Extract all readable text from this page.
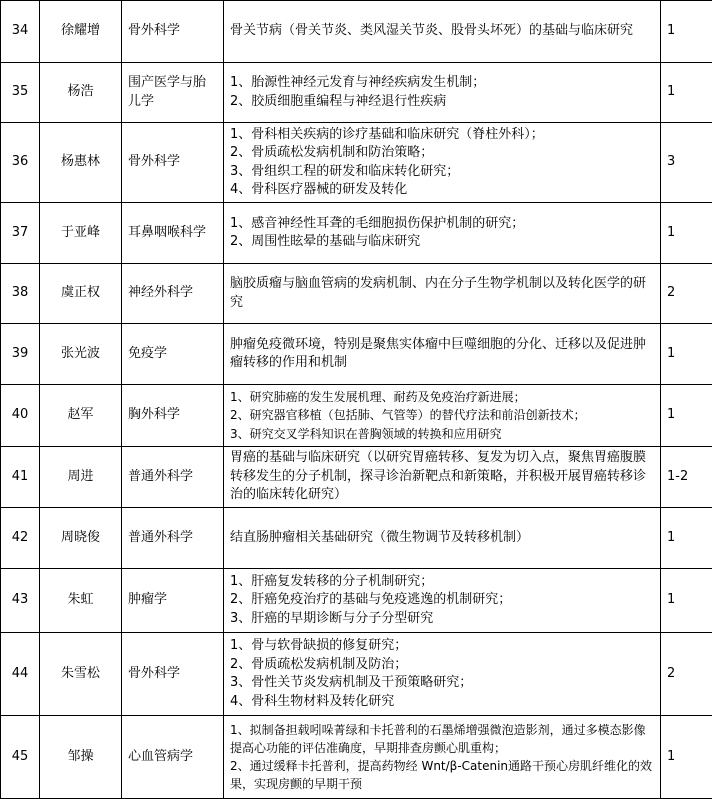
34	徐耀增	骨外科学	骨关节病（骨关节炎、类风湿关节炎、股骨头坏死）的基础与临床研究	1
35	杨浩	围产医学与胎儿学	1、胎源性神经元发育与神经疾病发生机制；
2、胶质细胞重编程与神经退行性疾病	1
36	杨惠林	骨外科学	1、骨科相关疾病的诊疗基础和临床研究（脊柱外科）；
2、骨质疏松发病机制和防治策略；
3、骨组织工程的研发和临床转化研究；
4、骨科医疗器械的研发及转化	3
37	于亚峰	耳鼻咽喉科学	1、感音神经性耳聋的毛细胞损伤保护机制的研究；
2、周围性眩晕的基础与临床研究	1
38	虞正权	神经外科学	脑胶质瘤与脑血管病的发病机制、内在分子生物学机制以及转化医学的研究	2
39	张光波	免疫学	肿瘤免疫微环境，特别是聚焦实体瘤中巨噬细胞的分化、迁移以及促进肿瘤转移的作用和机制	1
40	赵军	胸外科学	1、研究肺癌的发生发展机理、耐药及免疫治疗新进展；
2、研究器官移植（包括肺、气管等）的替代疗法和前沿创新技术；
3、研究交叉学科知识在普胸领域的转换和应用研究	1
41	周进	普通外科学	胃癌的基础与临床研究（以研究胃癌转移、复发为切入点，聚焦胃癌腹膜转移发生的分子机制，探寻诊治新靶点和新策略，并积极开展胃癌转移诊治的临床转化研究）	1-2
42	周晓俊	普通外科学	结直肠肿瘤相关基础研究（微生物调节及转移机制）	1
43	朱虹	肿瘤学	1、肝癌复发转移的分子机制研究；
2、肝癌免疫治疗的基础与免疫逃逸的机制研究；
3、肝癌的早期诊断与分子分型研究	1
44	朱雪松	骨外科学	1、骨与软骨缺损的修复研究；
2、骨质疏松发病机制及防治；
3、骨性关节炎发病机制及干预策略研究；
4、骨科生物材料及转化研究	2
45	邹操	心血管病学	1、拟制备担载吲哚菁绿和卡托普利的石墨烯增强微泡造影剂，通过多模态影像提高心功能的评估准确度，早期排查房颤心肌重构；
2、通过缓释卡托普利，提高药物经 Wnt/β-Catenin通路干预心房肌纤维化的效果，实现房颤的早期干预	1
